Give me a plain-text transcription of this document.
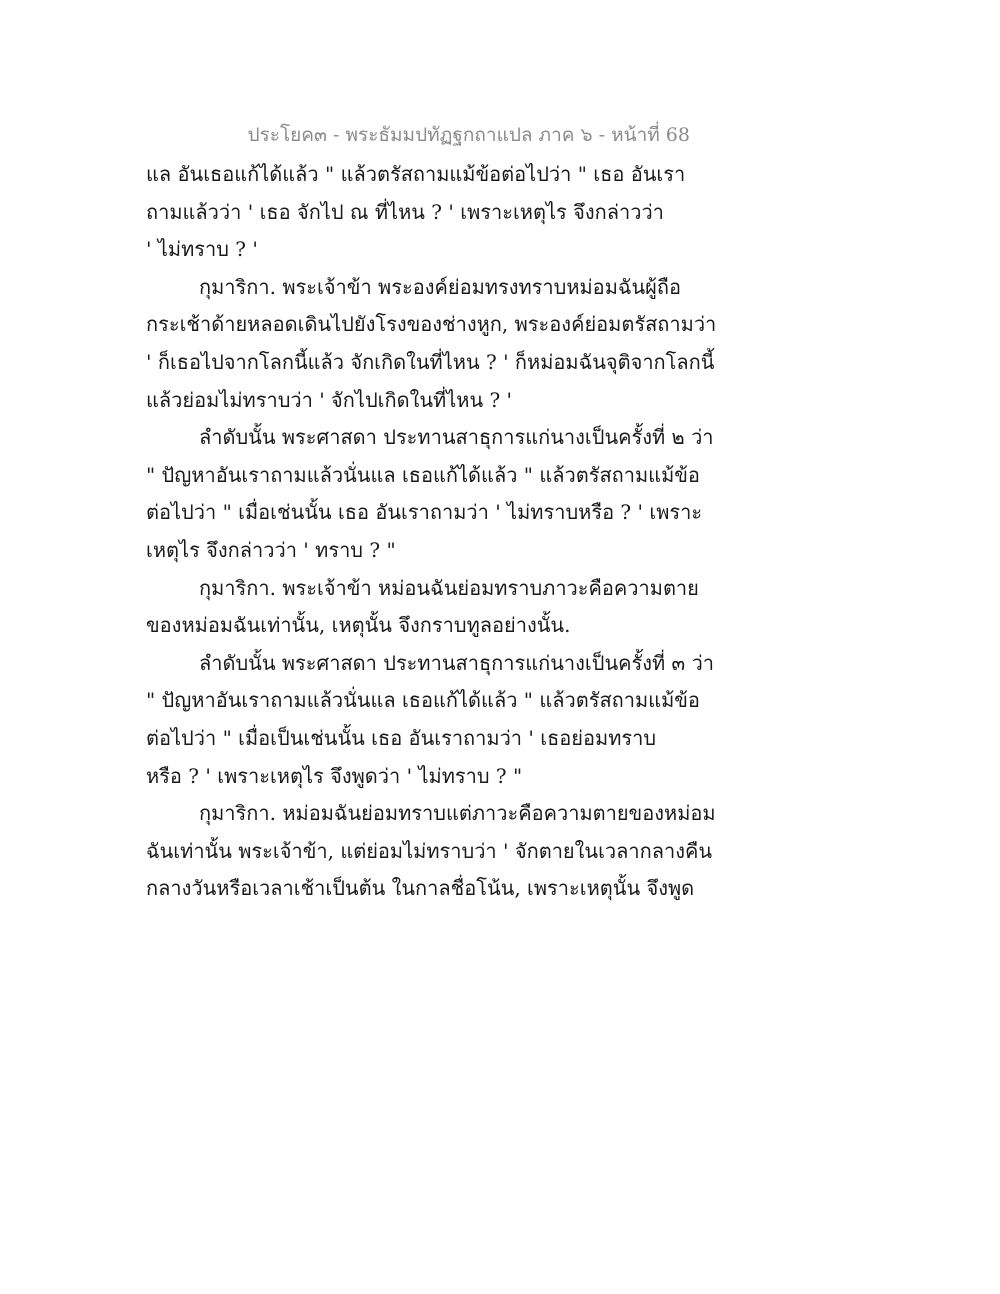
ประโยค๓ - พระธัมมปทัฏฐกถาแปล ภาค ๖ - หน้าที่ 68
แล อันเธอแก้ได้แล้ว " แล้วตรัสถามแม้ข้อต่อไปว่า " เธอ อันเรา
ถามแล้วว่า ' เธอ จักไป ณ ที่ไหน ? ' เพราะเหตุไร จึงกล่าวว่า
' ไม่ทราบ ? '
กุมาริกา. พระเจ้าข้า พระองค์ย่อมทรงทราบหม่อมฉันผู้ถือ
กระเช้าด้ายหลอดเดินไปยังโรงของช่างหูก, พระองค์ย่อมตรัสถามว่า
' ก็เธอไปจากโลกนี้แล้ว จักเกิดในที่ไหน ? ' ก็หม่อมฉันจุติจากโลกนี้
แล้วย่อมไม่ทราบว่า ' จักไปเกิดในที่ไหน ? '
ลำดับนั้น พระศาสดา ประทานสาธุการแก่นางเป็นครั้งที่ ๒ ว่า
" ปัญหาอันเราถามแล้วนั่นแล เธอแก้ได้แล้ว " แล้วตรัสถามแม้ข้อ
ต่อไปว่า " เมื่อเช่นนั้น เธอ อันเราถามว่า ' ไม่ทราบหรือ ? ' เพราะ
เหตุไร จึงกล่าวว่า ' ทราบ ? "
กุมาริกา. พระเจ้าข้า หม่อนฉันย่อมทราบภาวะคือความตาย
ของหม่อมฉันเท่านั้น, เหตุนั้น จึงกราบทูลอย่างนั้น.
ลำดับนั้น พระศาสดา ประทานสาธุการแก่นางเป็นครั้งที่ ๓ ว่า
" ปัญหาอันเราถามแล้วนั่นแล เธอแก้ได้แล้ว " แล้วตรัสถามแม้ข้อ
ต่อไปว่า " เมื่อเป็นเช่นนั้น เธอ อันเราถามว่า ' เธอย่อมทราบ
หรือ ? ' เพราะเหตุไร จึงพูดว่า ' ไม่ทราบ ? "
กุมาริกา. หม่อมฉันย่อมทราบแต่ภาวะคือความตายของหม่อม
ฉันเท่านั้น พระเจ้าข้า, แต่ย่อมไม่ทราบว่า ' จักตายในเวลากลางคืน
กลางวันหรือเวลาเช้าเป็นต้น ในกาลชื่อโน้น, เพราะเหตุนั้น จึงพูด
